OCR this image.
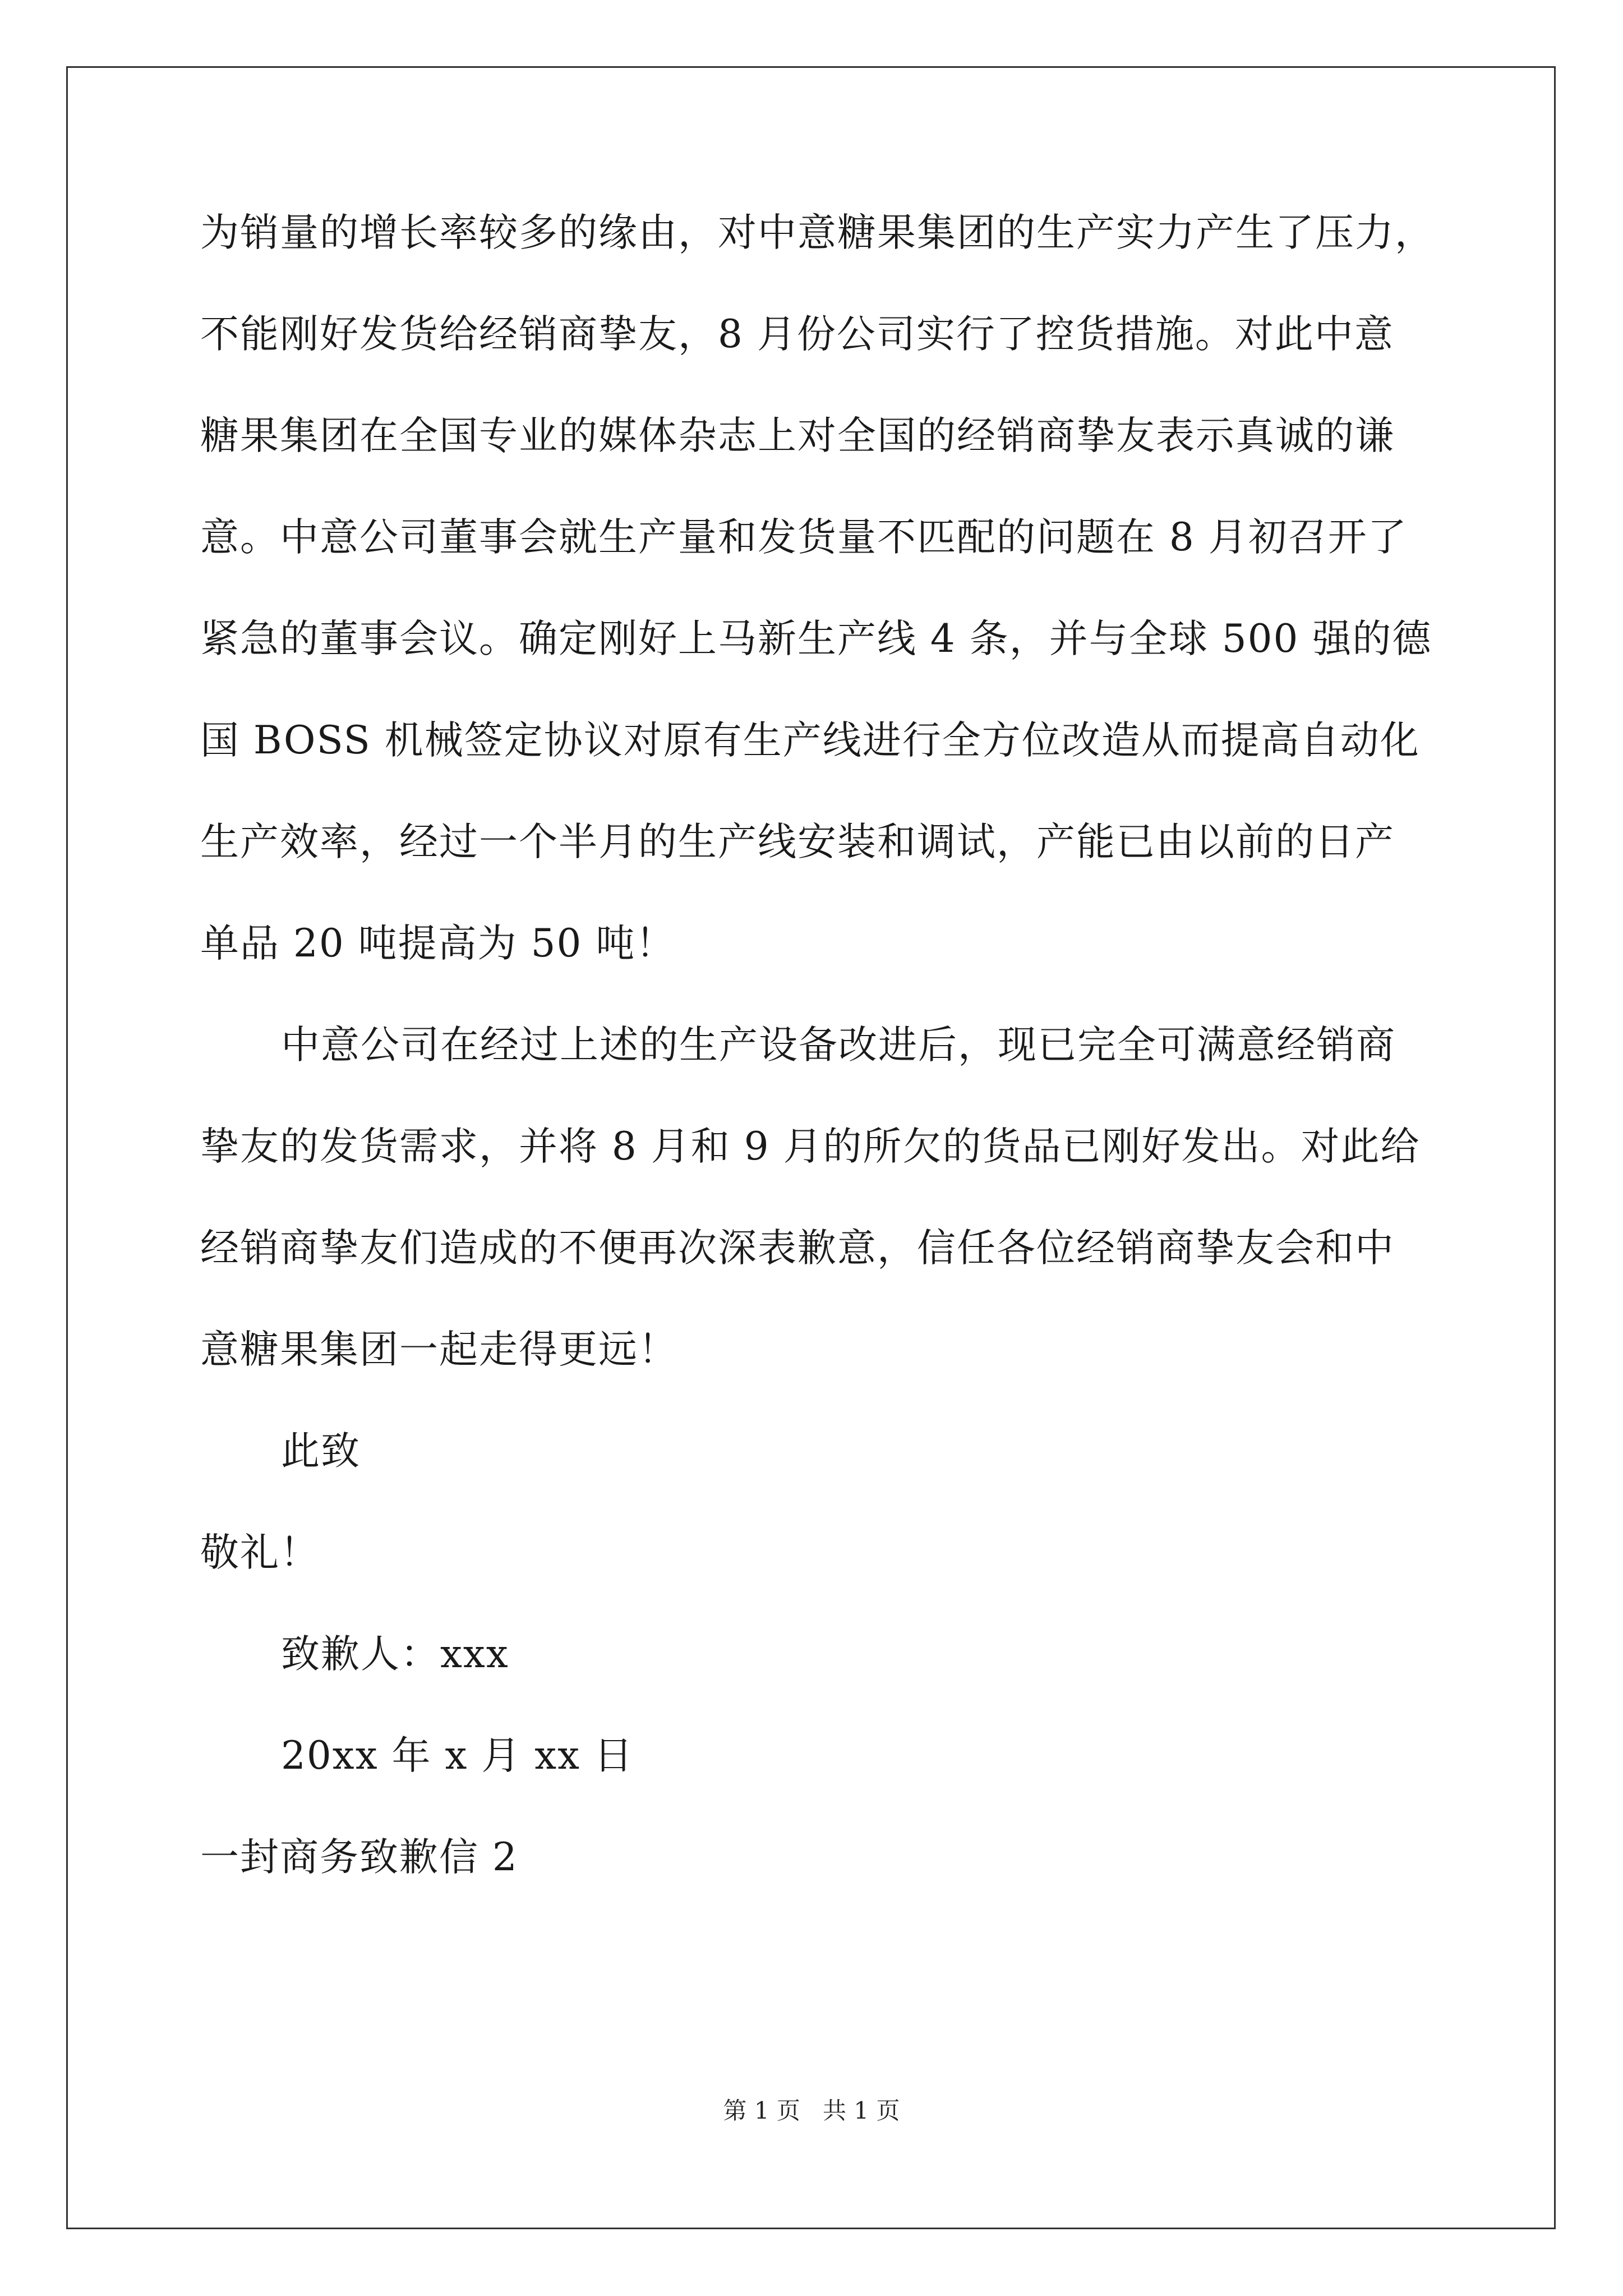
为销量的增长率较多的缘由，对中意糖果集团的生产实力产生了压力，
不能刚好发货给经销商挚友，8 月份公司实行了控货措施。对此中意
糖果集团在全国专业的媒体杂志上对全国的经销商挚友表示真诚的谦
意。中意公司董事会就生产量和发货量不匹配的问题在 8 月初召开了
紧急的董事会议。确定刚好上马新生产线 4 条，并与全球 500 强的德
国 BOSS 机械签定协议对原有生产线进行全方位改造从而提高自动化
生产效率，经过一个半月的生产线安装和调试，产能已由以前的日产
单品 20 吨提高为 50 吨！
中意公司在经过上述的生产设备改进后，现已完全可满意经销商
挚友的发货需求，并将 8 月和 9 月的所欠的货品已刚好发出。对此给
经销商挚友们造成的不便再次深表歉意，信任各位经销商挚友会和中
意糖果集团一起走得更远！
此致
敬礼！
致歉人：xxx
20xx 年 x 月 xx 日
一封商务致歉信 2
第 1 页   共 1 页
